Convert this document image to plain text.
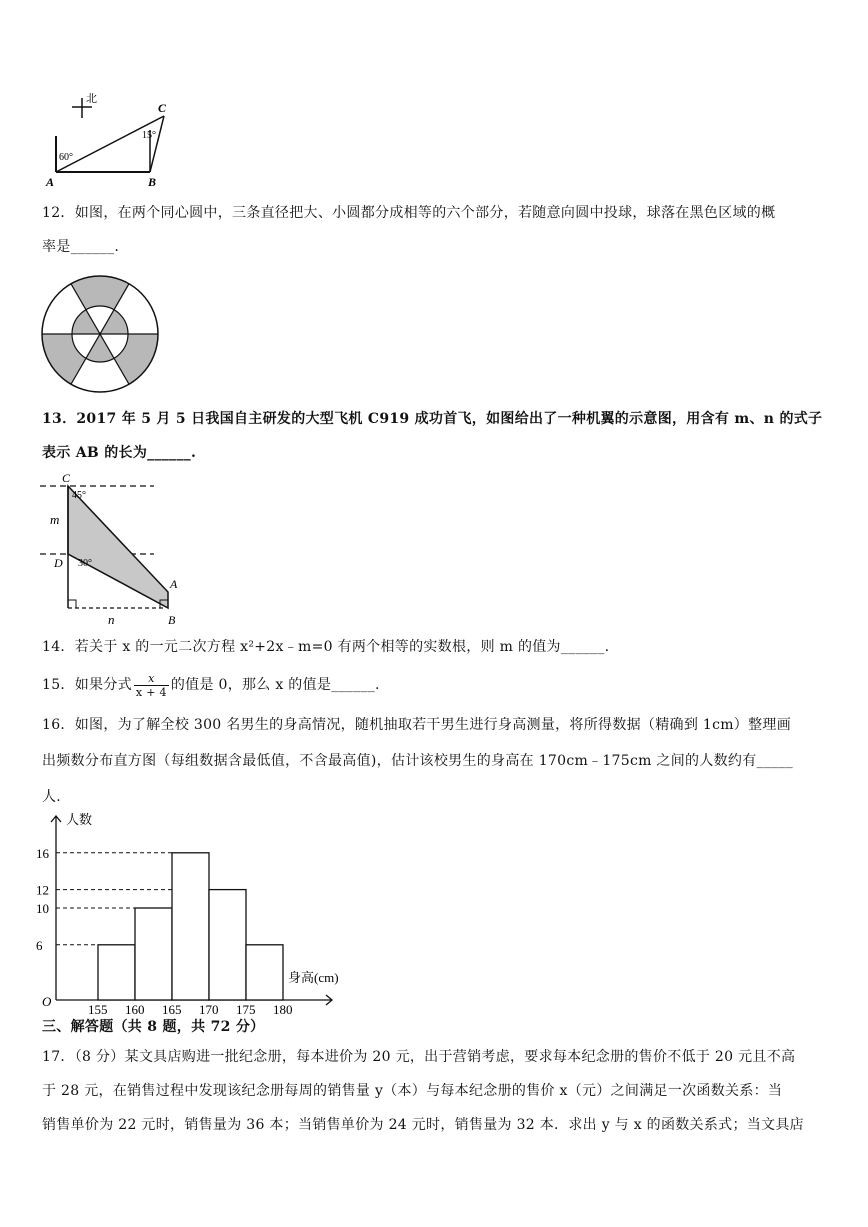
北
A	B
C
60°
15°
12．如图，在两个同心圆中，三条直径把大、小圆都分成相等的六个部分，若随意向圆中投球，球落在黑色区域的概
率是______.
13．2017 年 5 月 5 日我国自主研发的大型飞机 C919 成功首飞，如图给出了一种机翼的示意图，用含有 m、n 的式子
表示 AB 的长为______.
C
D
A
B
m
n
45°
30°
14．若关于 x 的一元二次方程 x²+2x﹣m=0 有两个相等的实数根，则 m 的值为______.
15．如果分式 $\frac{x}{x + 4}$ 的值是 0，那么 x 的值是______.
16．如图，为了解全校 300 名男生的身高情况，随机抽取若干男生进行身高测量，将所得数据（精确到 1cm）整理画
出频数分布直方图（每组数据含最低值，不含最高值)，估计该校男生的身高在 170cm﹣175cm 之间的人数约有_____
人.
人数
身高(cm)
O
6
10
12
16
155 160 165 170 175 180
三、解答题（共 8 题，共 72 分）
17．（8 分）某文具店购进一批纪念册，每本进价为 20 元，出于营销考虑，要求每本纪念册的售价不低于 20 元且不高
于 28 元，在销售过程中发现该纪念册每周的销售量 y（本）与每本纪念册的售价 x（元）之间满足一次函数关系：当
销售单价为 22 元时，销售量为 36 本；当销售单价为 24 元时，销售量为 32 本．求出 y 与 x 的函数关系式；当文具店
